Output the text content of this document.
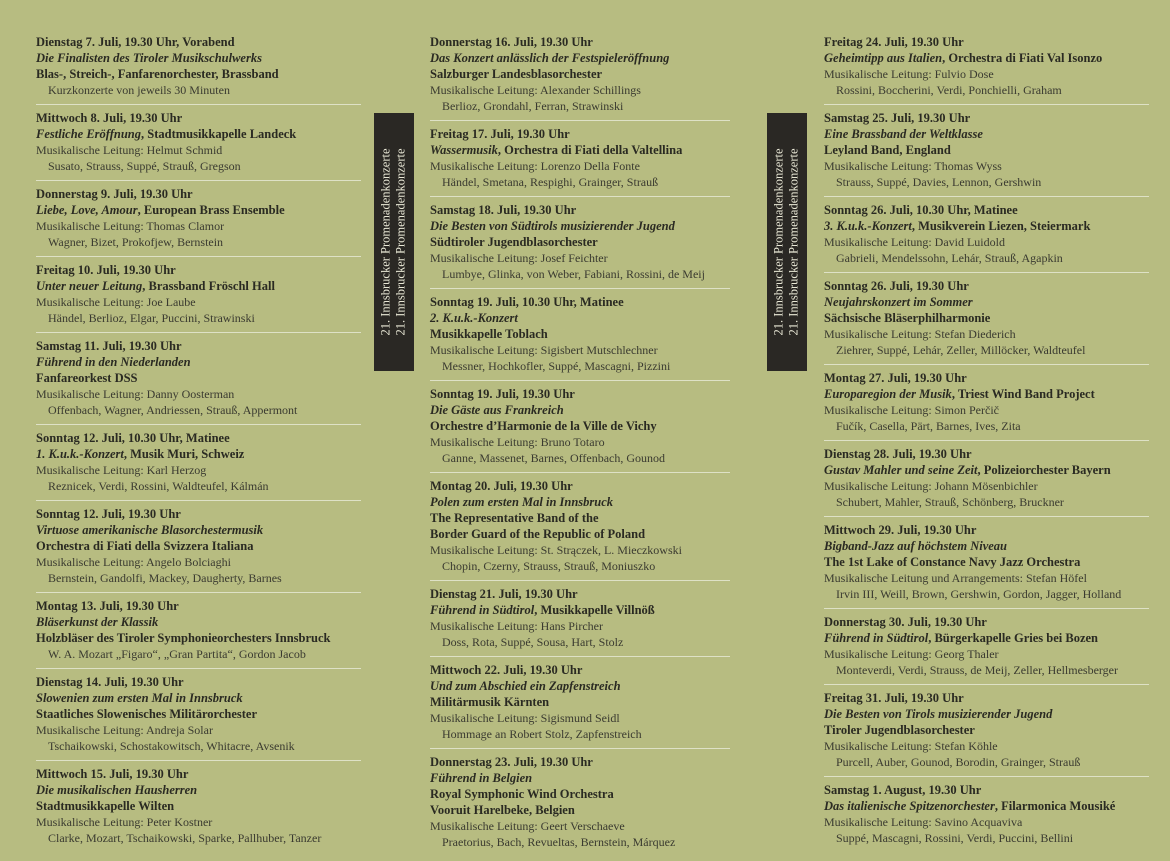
Dienstag 7. Juli, 19.30 Uhr, Vorabend
Die Finalisten des Tiroler Musikschulwerks
Blas-, Streich-, Fanfarenorchester, Brassband
Kurzkonzerte von jeweils 30 Minuten
Mittwoch 8. Juli, 19.30 Uhr
Festliche Eröffnung, Stadtmusikkapelle Landeck
Musikalische Leitung: Helmut Schmid
Susato, Strauss, Suppé, Strauß, Gregson
Donnerstag 9. Juli, 19.30 Uhr
Liebe, Love, Amour, European Brass Ensemble
Musikalische Leitung: Thomas Clamor
Wagner, Bizet, Prokofjew, Bernstein
Freitag 10. Juli, 19.30 Uhr
Unter neuer Leitung, Brassband Fröschl Hall
Musikalische Leitung: Joe Laube
Händel, Berlioz, Elgar, Puccini, Strawinski
Samstag 11. Juli, 19.30 Uhr
Führend in den Niederlanden
Fanfareorkest DSS
Musikalische Leitung: Danny Oosterman
Offenbach, Wagner, Andriessen, Strauß, Appermont
Sonntag 12. Juli, 10.30 Uhr, Matinee
1. K.u.k.-Konzert, Musik Muri, Schweiz
Musikalische Leitung: Karl Herzog
Reznicek, Verdi, Rossini, Waldteufel, Kálmán
Sonntag 12. Juli, 19.30 Uhr
Virtuose amerikanische Blasorchestermusik
Orchestra di Fiati della Svizzera Italiana
Musikalische Leitung: Angelo Bolciaghi
Bernstein, Gandolfi, Mackey, Daugherty, Barnes
Montag 13. Juli, 19.30 Uhr
Bläserkunst der Klassik
Holzbläser des Tiroler Symphonieorchesters Innsbruck
W. A. Mozart „Figaro“, „Gran Partita“, Gordon Jacob
Dienstag 14. Juli, 19.30 Uhr
Slowenien zum ersten Mal in Innsbruck
Staatliches Slowenisches Militärorchester
Musikalische Leitung: Andreja Solar
Tschaikowski, Schostakowitsch, Whitacre, Avsenik
Mittwoch 15. Juli, 19.30 Uhr
Die musikalischen Hausherren
Stadtmusikkapelle Wilten
Musikalische Leitung: Peter Kostner
Clarke, Mozart, Tschaikowski, Sparke, Pallhuber, Tanzer
Donnerstag 16. Juli, 19.30 Uhr
Das Konzert anlässlich der Festspieleröffnung
Salzburger Landesblasorchester
Musikalische Leitung: Alexander Schillings
Berlioz, Grondahl, Ferran, Strawinski
Freitag 17. Juli, 19.30 Uhr
Wassermusik, Orchestra di Fiati della Valtellina
Musikalische Leitung: Lorenzo Della Fonte
Händel, Smetana, Respighi, Grainger, Strauß
Samstag 18. Juli, 19.30 Uhr
Die Besten von Südtirols musizierender Jugend
Südtiroler Jugendblasorchester
Musikalische Leitung: Josef Feichter
Lumbye, Glinka, von Weber, Fabiani, Rossini, de Meij
Sonntag 19. Juli, 10.30 Uhr, Matinee
2. K.u.k.-Konzert
Musikkapelle Toblach
Musikalische Leitung: Sigisbert Mutschlechner
Messner, Hochkofler, Suppé, Mascagni, Pizzini
Sonntag 19. Juli, 19.30 Uhr
Die Gäste aus Frankreich
Orchestre d’Harmonie de la Ville de Vichy
Musikalische Leitung: Bruno Totaro
Ganne, Massenet, Barnes, Offenbach, Gounod
Montag 20. Juli, 19.30 Uhr
Polen zum ersten Mal in Innsbruck
The Representative Band of the
Border Guard of the Republic of Poland
Musikalische Leitung: St. Strączek, L. Mieczkowski
Chopin, Czerny, Strauss, Strauß, Moniuszko
Dienstag 21. Juli, 19.30 Uhr
Führend in Südtirol, Musikkapelle Villnöß
Musikalische Leitung: Hans Pircher
Doss, Rota, Suppé, Sousa, Hart, Stolz
Mittwoch 22. Juli, 19.30 Uhr
Und zum Abschied ein Zapfenstreich
Militärmusik Kärnten
Musikalische Leitung: Sigismund Seidl
Hommage an Robert Stolz, Zapfenstreich
Donnerstag 23. Juli, 19.30 Uhr
Führend in Belgien
Royal Symphonic Wind Orchestra
Vooruit Harelbeke, Belgien
Musikalische Leitung: Geert Verschaeve
Praetorius, Bach, Revueltas, Bernstein, Márquez
Freitag 24. Juli, 19.30 Uhr
Geheimtipp aus Italien, Orchestra di Fiati Val Isonzo
Musikalische Leitung: Fulvio Dose
Rossini, Boccherini, Verdi, Ponchielli, Graham
Samstag 25. Juli, 19.30 Uhr
Eine Brassband der Weltklasse
Leyland Band, England
Musikalische Leitung: Thomas Wyss
Strauss, Suppé, Davies, Lennon, Gershwin
Sonntag 26. Juli, 10.30 Uhr, Matinee
3. K.u.k.-Konzert, Musikverein Liezen, Steiermark
Musikalische Leitung: David Luidold
Gabrieli, Mendelssohn, Lehár, Strauß, Agapkin
Sonntag 26. Juli, 19.30 Uhr
Neujahrskonzert im Sommer
Sächsische Bläserphilharmonie
Musikalische Leitung: Stefan Diederich
Ziehrer, Suppé, Lehár, Zeller, Millöcker, Waldteufel
Montag 27. Juli, 19.30 Uhr
Europaregion der Musik, Triest Wind Band Project
Musikalische Leitung: Simon Perčič
Fučík, Casella, Pärt, Barnes, Ives, Zita
Dienstag 28. Juli, 19.30 Uhr
Gustav Mahler und seine Zeit, Polizeiorchester Bayern
Musikalische Leitung: Johann Mösenbichler
Schubert, Mahler, Strauß, Schönberg, Bruckner
Mittwoch 29. Juli, 19.30 Uhr
Bigband-Jazz auf höchstem Niveau
The 1st Lake of Constance Navy Jazz Orchestra
Musikalische Leitung und Arrangements: Stefan Höfel
Irvin III, Weill, Brown, Gershwin, Gordon, Jagger, Holland
Donnerstag 30. Juli, 19.30 Uhr
Führend in Südtirol, Bürgerkapelle Gries bei Bozen
Musikalische Leitung: Georg Thaler
Monteverdi, Verdi, Strauss, de Meij, Zeller, Hellmesberger
Freitag 31. Juli, 19.30 Uhr
Die Besten von Tirols musizierender Jugend
Tiroler Jugendblasorchester
Musikalische Leitung: Stefan Köhle
Purcell, Auber, Gounod, Borodin, Grainger, Strauß
Samstag 1. August, 19.30 Uhr
Das italienische Spitzenorchester, Filarmonica Mousiké
Musikalische Leitung: Savino Acquaviva
Suppé, Mascagni, Rossini, Verdi, Puccini, Bellini
21. Innsbrucker Promenadenkonzerte 21. Innsbrucker Promenadenkonzerte	21. Innsbrucker Promenadenkonzerte 21. Innsbrucker Promenadenkonzerte
